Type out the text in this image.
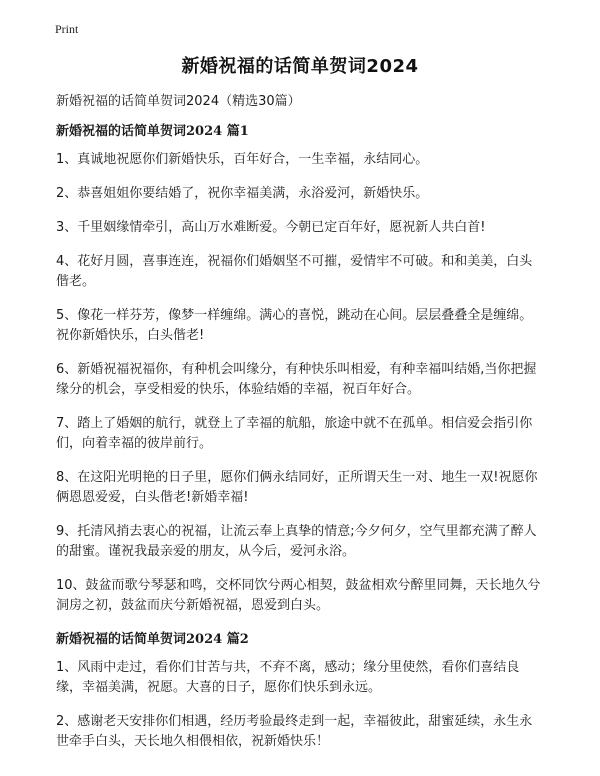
Print
新婚祝福的话简单贺词2024
新婚祝福的话简单贺词2024（精选30篇）
新婚祝福的话简单贺词2024 篇1
1、真诚地祝愿你们新婚快乐，百年好合，一生幸福，永结同心。
2、恭喜姐姐你要结婚了，祝你幸福美满，永浴爱河，新婚快乐。
3、千里姻缘情牵引，高山万水难断爱。今朝已定百年好，愿祝新人共白首!
4、花好月圆，喜事连连，祝福你们婚姻坚不可摧，爱情牢不可破。和和美美，白头偕老。
5、像花一样芬芳，像梦一样缠绵。满心的喜悦，跳动在心间。层层叠叠全是缠绵。祝你新婚快乐，白头偕老!
6、新婚祝福祝福你，有种机会叫缘分，有种快乐叫相爱，有种幸福叫结婚,当你把握缘分的机会，享受相爱的快乐，体验结婚的幸福，祝百年好合。
7、踏上了婚姻的航行，就登上了幸福的航船，旅途中就不在孤单。相信爱会指引你们，向着幸福的彼岸前行。
8、在这阳光明艳的日子里，愿你们俩永结同好，正所谓天生一对、地生一双!祝愿你俩恩恩爱爱，白头偕老!新婚幸福!
9、托清风捎去衷心的祝福，让流云奉上真挚的情意;今夕何夕，空气里都充满了醉人的甜蜜。谨祝我最亲爱的朋友，从今后，爱河永浴。
10、鼓盆而歌兮琴瑟和鸣，交杯同饮兮两心相契，鼓盆相欢兮醉里同舞，天长地久兮洞房之初，鼓盆而庆兮新婚祝福，恩爱到白头。
新婚祝福的话简单贺词2024 篇2
1、风雨中走过，看你们甘苦与共，不弃不离，感动；缘分里使然，看你们喜结良缘，幸福美满，祝愿。大喜的日子，愿你们快乐到永远。
2、感谢老天安排你们相遇，经历考验最终走到一起，幸福彼此，甜蜜延续，永生永世牵手白头，天长地久相偎相依，祝新婚快乐！
